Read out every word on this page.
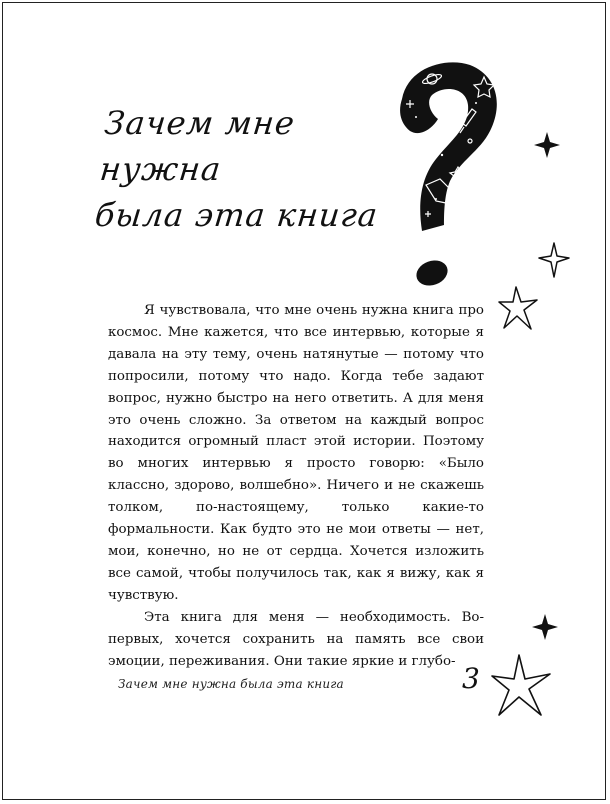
Зачем мне нужна
была эта книга

Я чувствовала, что мне очень нужна книга про космос. Мне кажется, что все интервью, которые я давала на эту тему, очень натянутые — потому что попросили, потому что надо. Когда тебе задают вопрос, нужно быстро на него ответить. А для меня это очень сложно. За ответом на каждый вопрос находится огромный пласт этой истории. Поэтому во многих интервью я просто говорю: «Было классно, здорово, волшебно». Ничего и не скажешь толком, по-настоящему, только какие-то формальности. Как будто это не мои ответы — нет, мои, конечно, но не от сердца. Хочется изложить все самой, чтобы получилось так, как я вижу, как я чувствую.

Эта книга для меня — необходимость. Во-первых, хочется сохранить на память все свои эмоции, переживания. Они такие яркие и глубо-

Зачем мне нужна была эта книга	3
